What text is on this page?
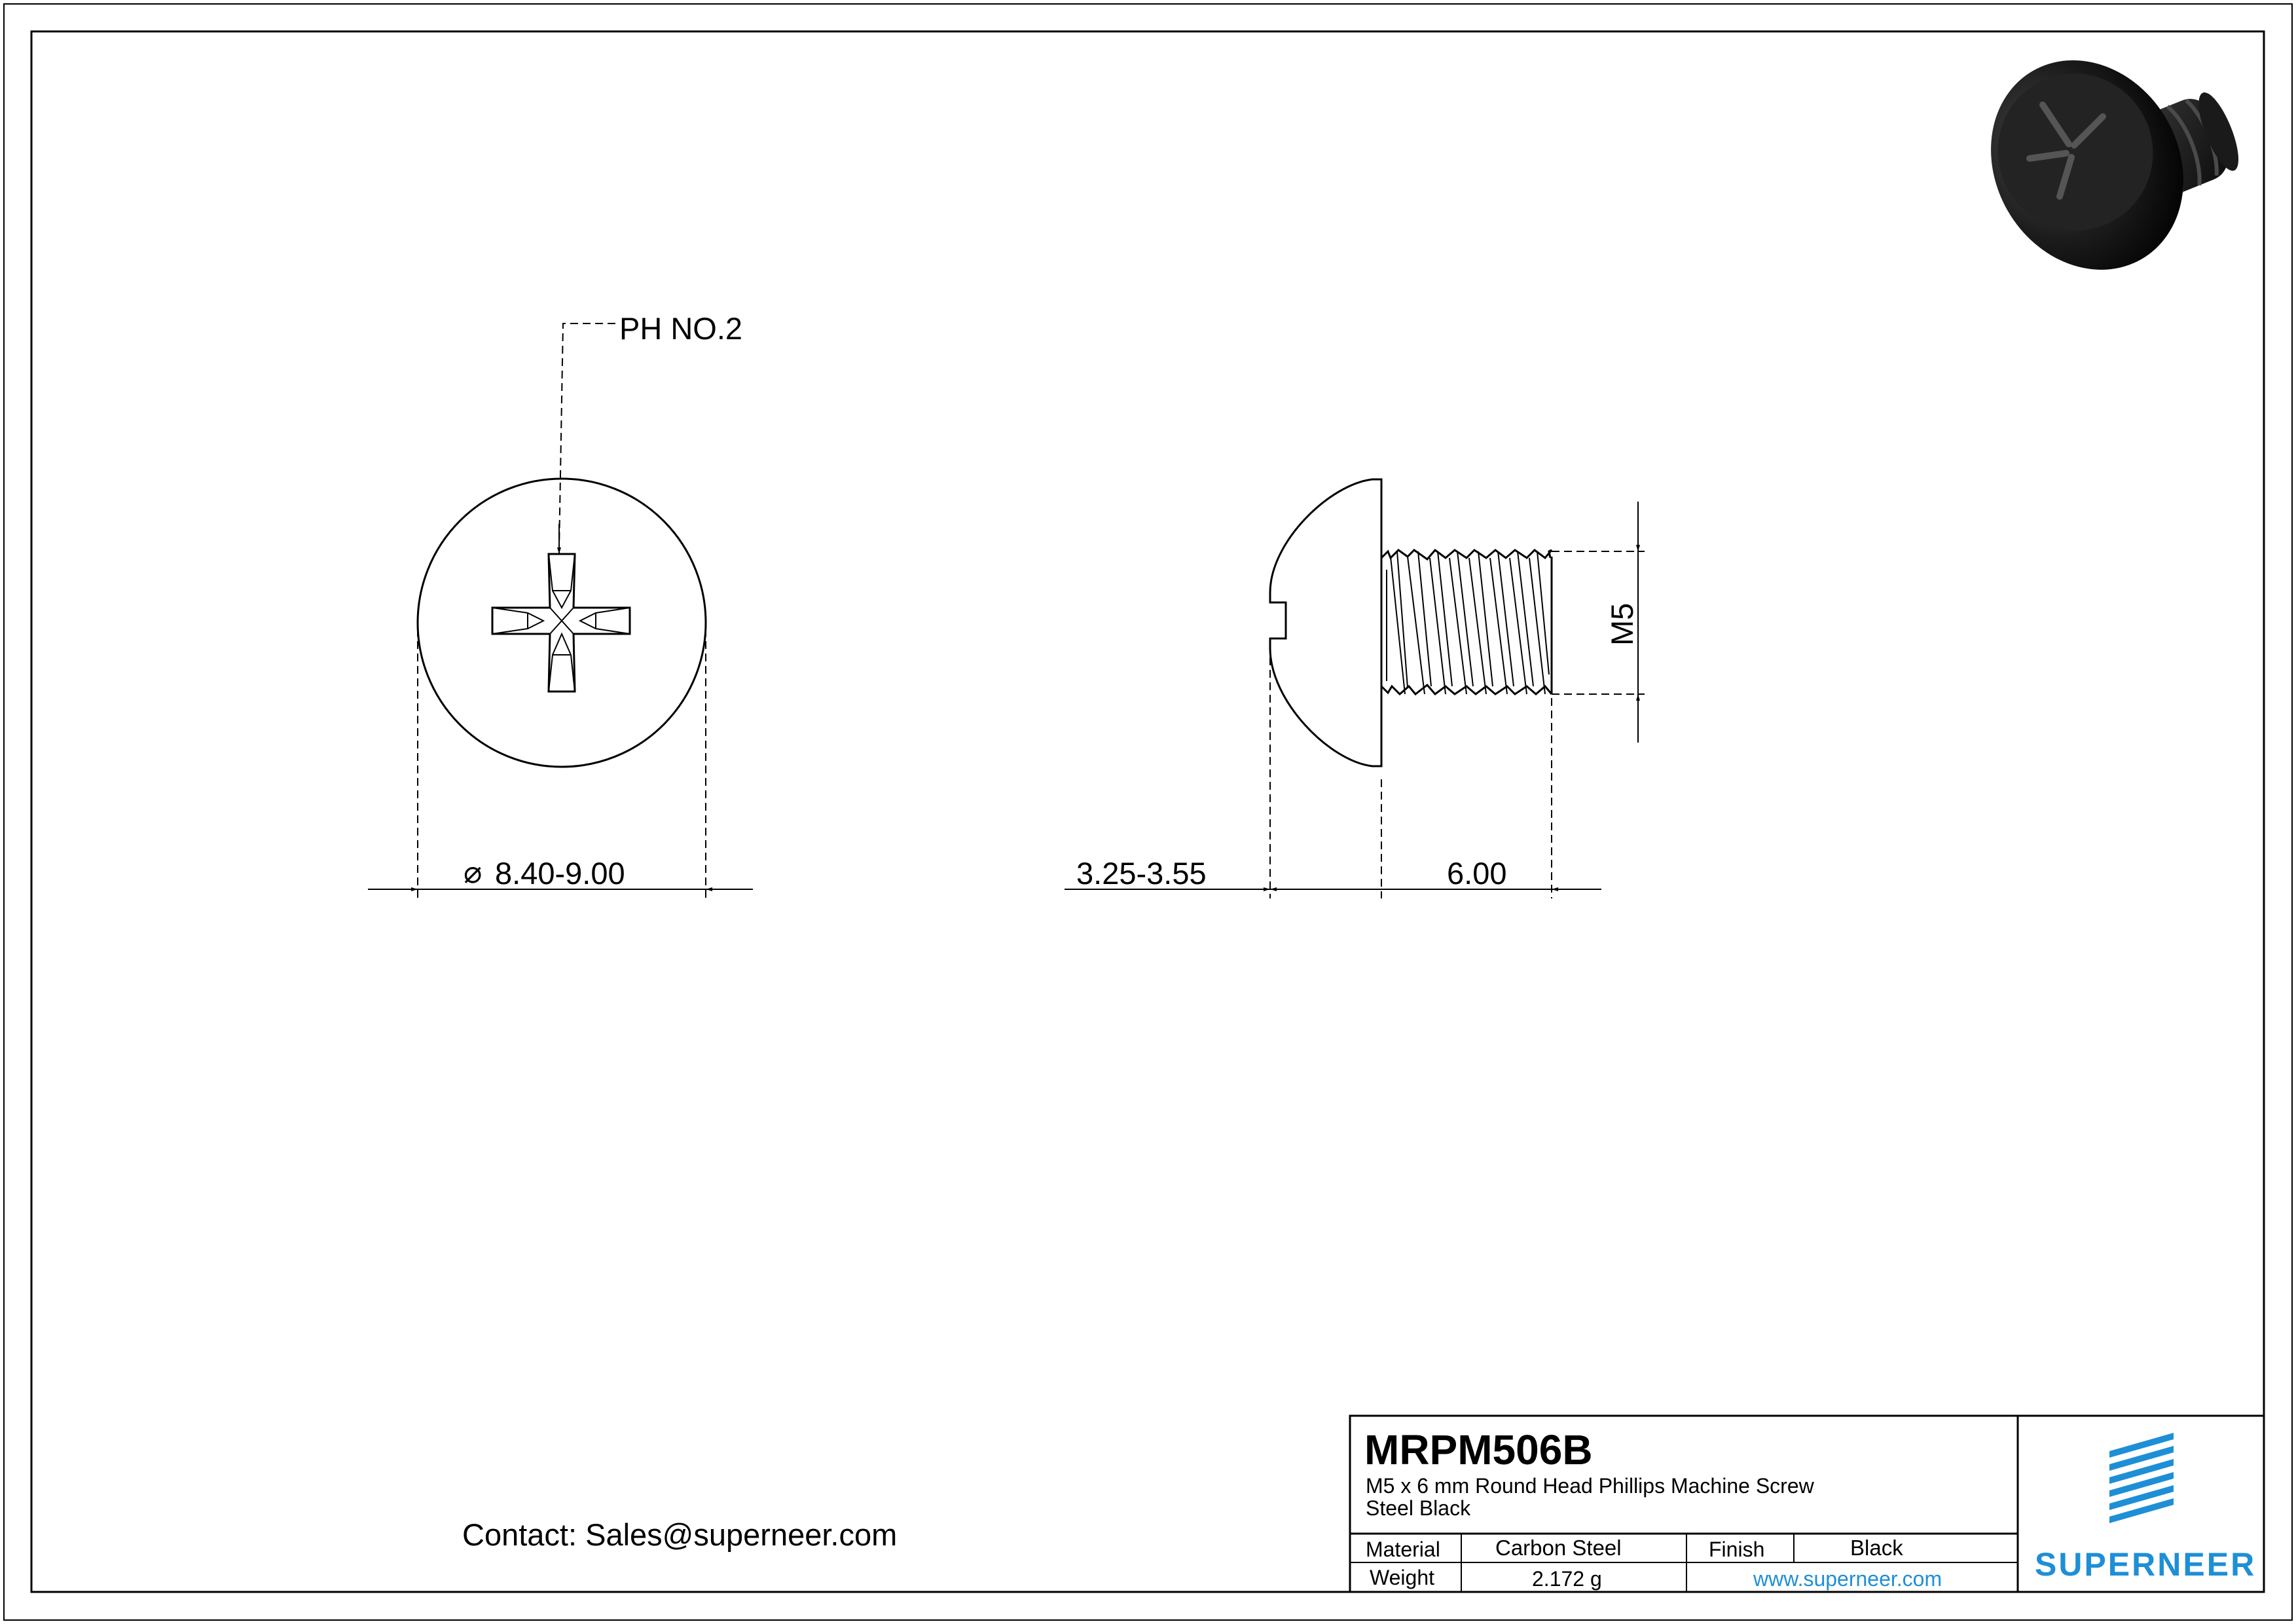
PH NO.2
⌀ 8.40-9.00
M5
3.25-3.55	6.00
Contact: Sales@superneer.com
MRPM506B
M5 x 6 mm Round Head Phillips Machine Screw
Steel Black
Material	Carbon Steel	Finish	Black
Weight	2.172 g	www.superneer.com	SUPERNEER
